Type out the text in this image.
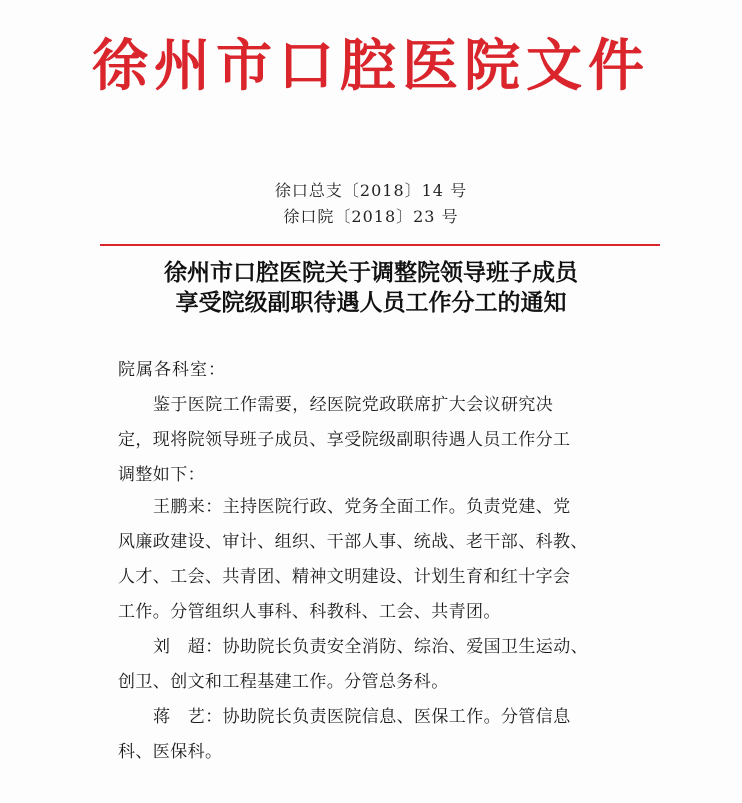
徐州市口腔医院文件
徐口总支〔2018〕14 号
徐口院〔2018〕23 号
徐州市口腔医院关于调整院领导班子成员
享受院级副职待遇人员工作分工的通知
院属各科室：
鉴于医院工作需要，经医院党政联席扩大会议研究决
定，现将院领导班子成员、享受院级副职待遇人员工作分工
调整如下：
王鹏来：主持医院行政、党务全面工作。负责党建、党
风廉政建设、审计、组织、干部人事、统战、老干部、科教、
人才、工会、共青团、精神文明建设、计划生育和红十字会
工作。分管组织人事科、科教科、工会、共青团。
刘　超：协助院长负责安全消防、综治、爱国卫生运动、
创卫、创文和工程基建工作。分管总务科。
蒋　艺：协助院长负责医院信息、医保工作。分管信息
科、医保科。
